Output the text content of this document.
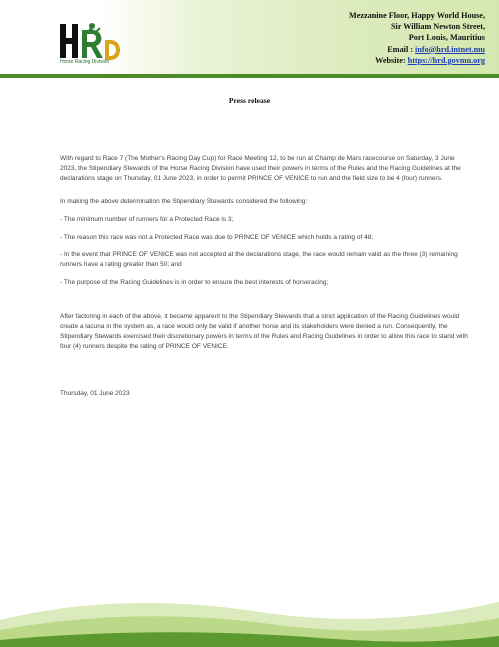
Horse Racing Division
Mezzanine Floor, Happy World House,
Sir William Newton Street,
Port Louis, Mauritius
Email : info@hrd.intnet.mu
Website: https://hrd.govmu.org
Press release

With regard to Race 7 (The Mother's Racing Day Cup) for Race Meeting 12, to be run at Champ de Mars racecourse on Saturday, 3 June 2023, the Stipendiary Stewards of the Horse Racing Division have used their powers in terms of the Rules and the Racing Guidelines at the declarations stage on Thursday, 01 June 2023, in order to permit PRINCE OF VENICE to run and the field size to be 4 (four) runners.

In making the above determination the Stipendiary Stewards considered the following:

- The minimum number of runners for a Protected Race is 3;

- The reason this race was not a Protected Race was due to PRINCE OF VENICE which holds a rating of 48;

- In the event that PRINCE OF VENICE was not accepted at the declarations stage, the race would remain valid as the three (3) remaining runners have a rating greater than 50; and

- The purpose of the Racing Guidelines is in order to ensure the best interests of horseracing;

After factoring in each of the above, it became apparent to the Stipendiary Stewards that a strict application of the Racing Guidelines would create a lacuna in the system as, a race would only be valid if another horse and its stakeholders were denied a run. Consequently, the Stipendiary Stewards exercised their discretionary powers in terms of the Rules and Racing Guidelines in order to allow this race to stand with four (4) runners despite the rating of PRINCE OF VENICE.

Thursday, 01 June 2023
